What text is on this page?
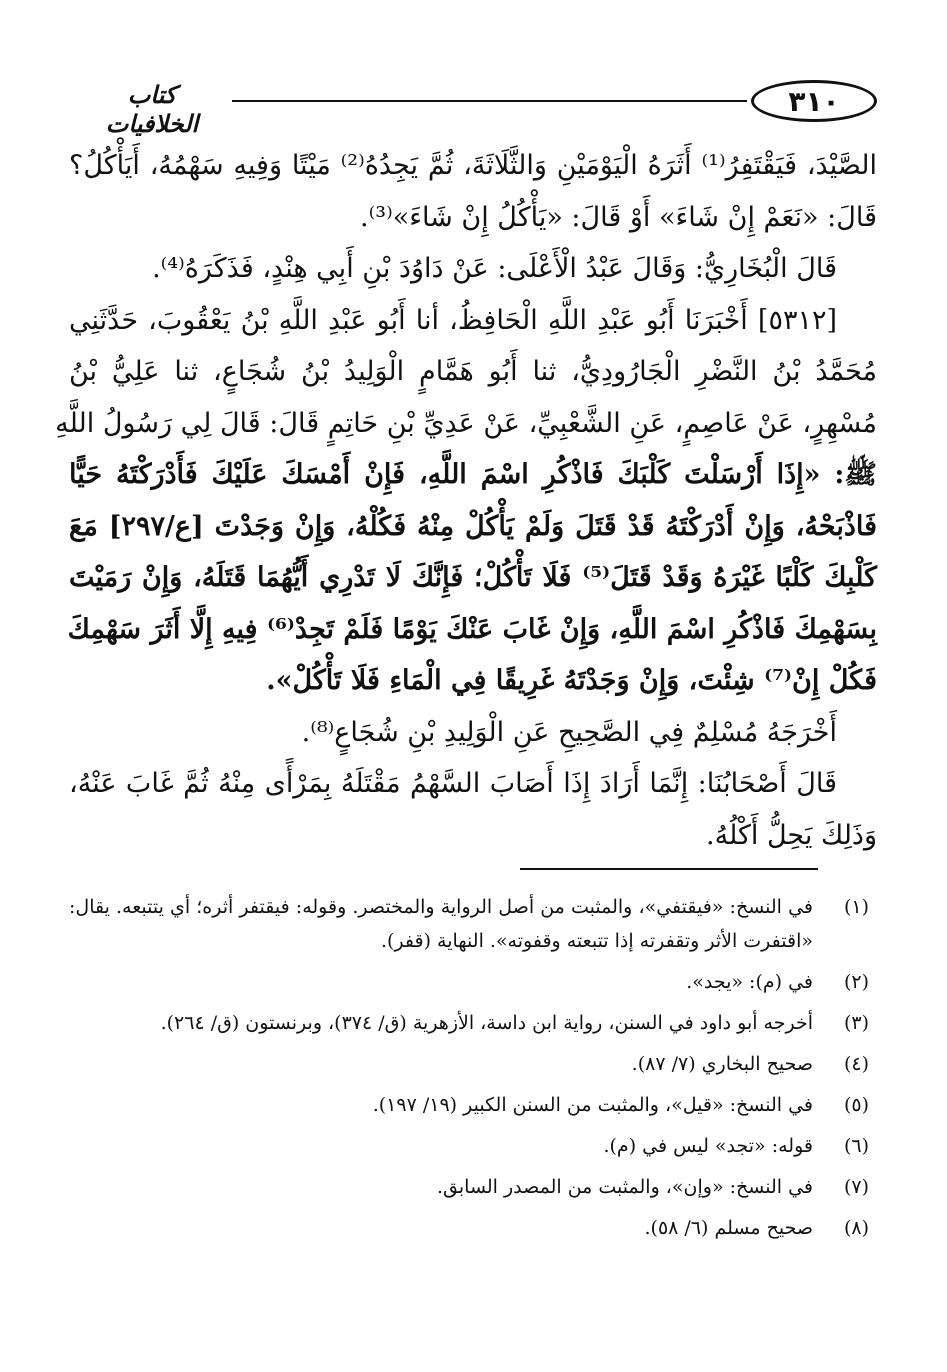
٣١٠
كتاب الخلافيات

الصَّيْدَ، فَيَقْتَفِرُ⁽¹⁾ أَثَرَهُ الْيَوْمَيْنِ وَالثَّلَاثَةَ، ثُمَّ يَجِدُهُ⁽²⁾ مَيْتًا وَفِيهِ سَهْمُهُ، أَيَأْكُلُ؟

قَالَ: «نَعَمْ إِنْ شَاءَ» أَوْ قَالَ: «يَأْكُلُ إِنْ شَاءَ»⁽³⁾.

قَالَ الْبُخَارِيُّ: وَقَالَ عَبْدُ الْأَعْلَى: عَنْ دَاوُدَ بْنِ أَبِي هِنْدٍ، فَذَكَرَهُ⁽⁴⁾.

[٥٣١٢] أَخْبَرَنَا أَبُو عَبْدِ اللَّهِ الْحَافِظُ، أنا أَبُو عَبْدِ اللَّهِ بْنُ يَعْقُوبَ، حَدَّثَنِي

مُحَمَّدُ بْنُ النَّضْرِ الْجَارُودِيُّ، ثنا أَبُو هَمَّامٍ الْوَلِيدُ بْنُ شُجَاعٍ، ثنا عَلِيُّ بْنُ

مُسْهِرٍ، عَنْ عَاصِمٍ، عَنِ الشَّعْبِيِّ، عَنْ عَدِيِّ بْنِ حَاتِمٍ قَالَ: قَالَ لِي رَسُولُ اللَّهِ

ﷺ: «إِذَا أَرْسَلْتَ كَلْبَكَ فَاذْكُرِ اسْمَ اللَّهِ، فَإِنْ أَمْسَكَ عَلَيْكَ فَأَدْرَكْتَهُ حَيًّا

فَاذْبَحْهُ، وَإِنْ أَدْرَكْتَهُ قَدْ قَتَلَ وَلَمْ يَأْكُلْ مِنْهُ فَكُلْهُ، وَإِنْ وَجَدْتَ [ع/٢٩٧] مَعَ

كَلْبِكَ كَلْبًا غَيْرَهُ وَقَدْ قَتَلَ⁽⁵⁾ فَلَا تَأْكُلْ؛ فَإِنَّكَ لَا تَدْرِي أَيُّهُمَا قَتَلَهُ، وَإِنْ رَمَيْتَ

بِسَهْمِكَ فَاذْكُرِ اسْمَ اللَّهِ، وَإِنْ غَابَ عَنْكَ يَوْمًا فَلَمْ تَجِدْ⁽⁶⁾ فِيهِ إِلَّا أَثَرَ سَهْمِكَ

فَكُلْ إِنْ⁽⁷⁾ شِئْتَ، وَإِنْ وَجَدْتَهُ غَرِيقًا فِي الْمَاءِ فَلَا تَأْكُلْ».

أَخْرَجَهُ مُسْلِمٌ فِي الصَّحِيحِ عَنِ الْوَلِيدِ بْنِ شُجَاعٍ⁽⁸⁾.

قَالَ أَصْحَابُنَا: إِنَّمَا أَرَادَ إِذَا أَصَابَ السَّهْمُ مَقْتَلَهُ بِمَرْأًى مِنْهُ ثُمَّ غَابَ عَنْهُ،

وَذَلِكَ يَحِلُّ أَكْلُهُ.

(١)
في النسخ: «فيقتفي»، والمثبت من أصل الرواية والمختصر. وقوله: فيقتفر أثره؛ أي يتتبعه. يقال: «اقتفرت الأثر وتقفرته إذا تتبعته وقفوته». النهاية (قفر).
(٢)
في (م): «يجد».
(٣)
أخرجه أبو داود في السنن، رواية ابن داسة، الأزهرية (ق/ ٣٧٤)، وبرنستون (ق/ ٢٦٤).
(٤)
صحيح البخاري (٧/ ٨٧).
(٥)
في النسخ: «قيل»، والمثبت من السنن الكبير (١٩/ ١٩٧).
(٦)
قوله: «تجد» ليس في (م).
(٧)
في النسخ: «وإن»، والمثبت من المصدر السابق.
(٨)
صحيح مسلم (٦/ ٥٨).
